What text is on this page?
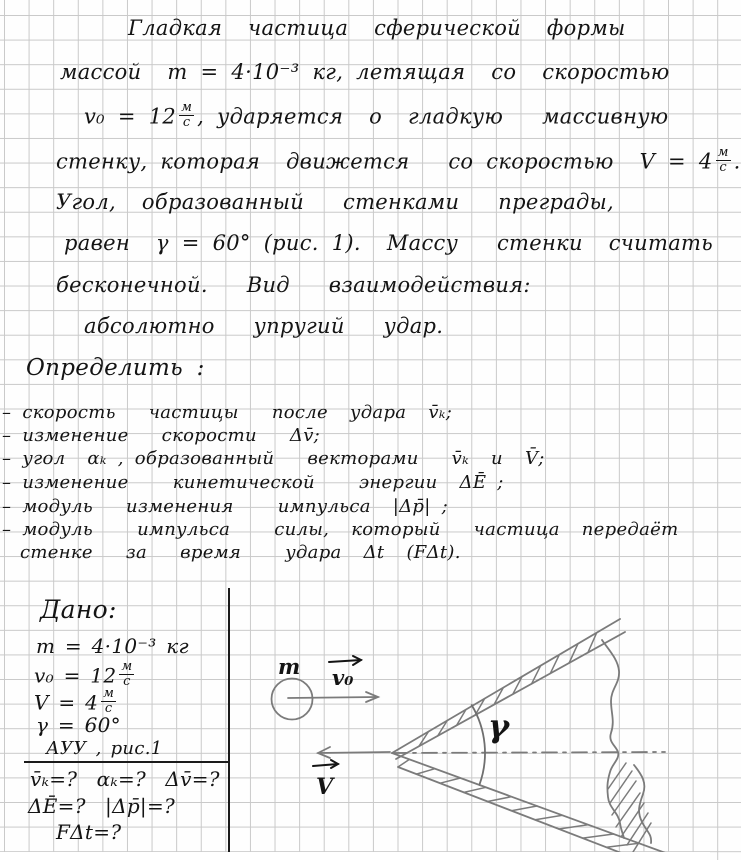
Гладкая  частица  сферической  формы
массой  m = 4·10⁻³ кг, летящая  со  скоростью
$v_0 = 12 \frac{м}{с}$ , ударяется  о  гладкую   массивную
стенку, которая  движется   со скоростью  $V = 4 \frac{м}{с}$ .
Угол,  образованный   стенками   преграды,
равен  γ = 60° (рис. 1).  Массу   стенки  считать
бесконечной.   Вид   взаимодействия:
абсолютно   упругий   удар.
Определить :
– скорость   частицы   после  удара  v̄ₖ;
– изменение   скорости   Δv̄;
– угол  αₖ , образованный   векторами   v̄ₖ  и  V̄;
– изменение    кинетической    энергии  ΔĒ ;
– модуль   изменения    импульса  |Δp̄| ;
– модуль    импульса    силы,  который   частица  передаёт
стенке   за   время    удара  Δt  (FΔt).
Дано:
m = 4·10⁻³ кг
$v_0 = 12 \frac{м}{с}$
$V = 4 \frac{м}{с}$
γ = 60°
АУУ , рис.1
v̄ₖ=?  αₖ=?  Δv̄=?
ΔĒ=?  |Δp̄|=?
FΔt=?
m v₀
V
γ
